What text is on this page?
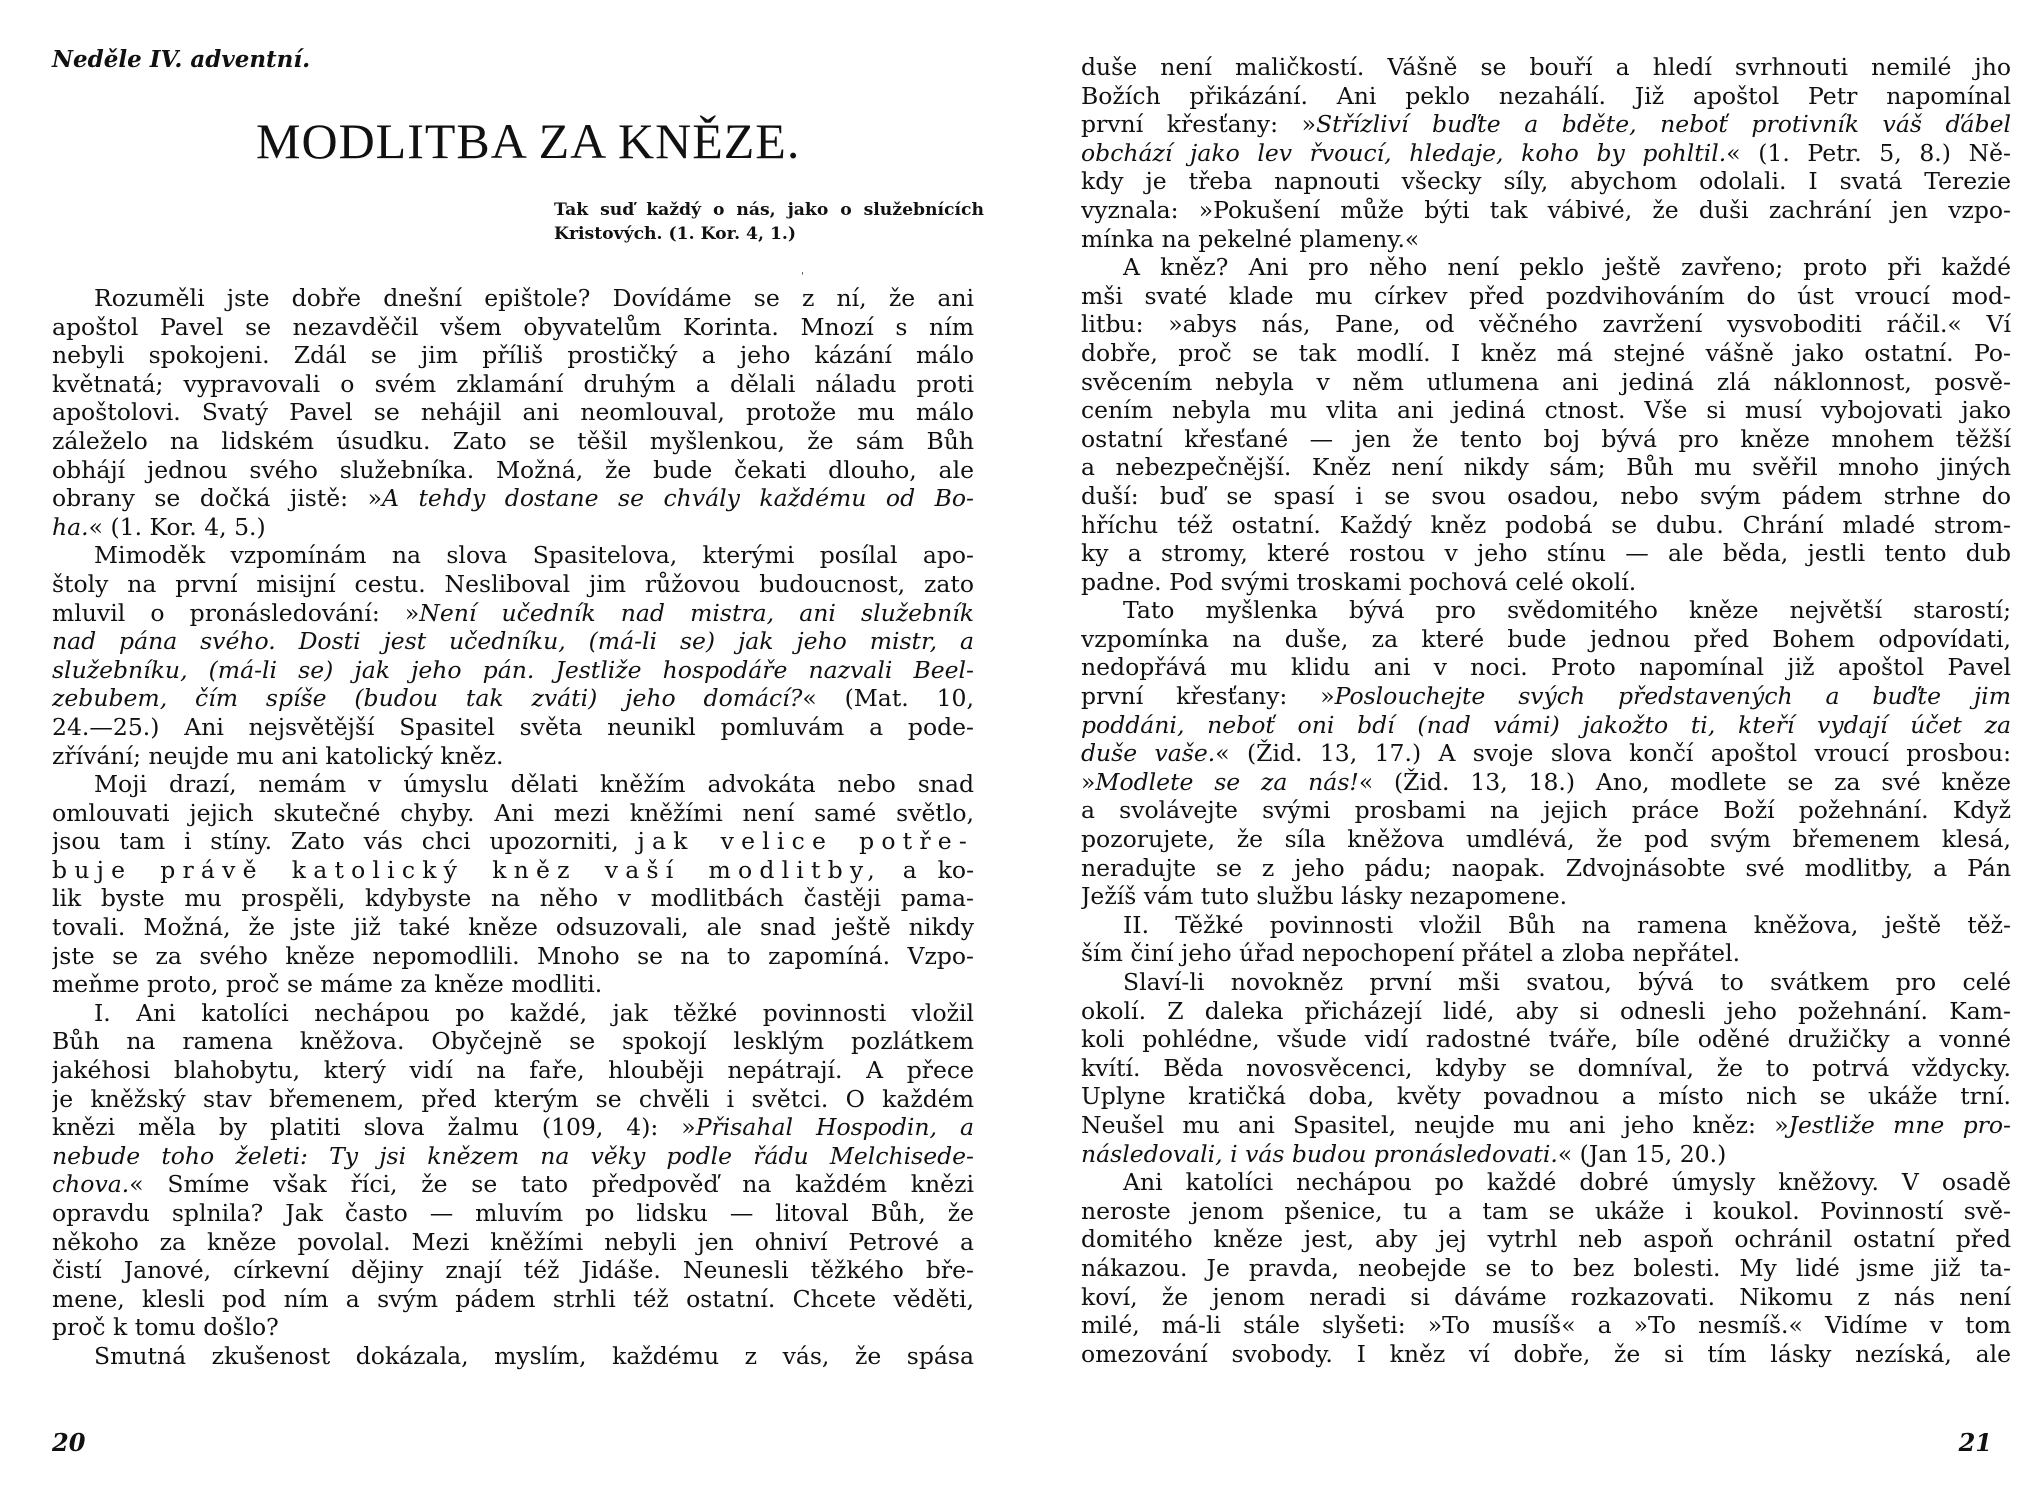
Neděle IV. adventní.
MODLITBA ZA KNĚZE.
Tak suď každý o nás, jako o služebnících Kristových. (1. Kor. 4, 1.)
ˌ
Rozuměli jste dobře dnešní epištole? Dovídáme se z ní, že ani
apoštol Pavel se nezavděčil všem obyvatelům Korinta. Mnozí s ním
nebyli spokojeni. Zdál se jim příliš prostičký a jeho kázání málo
květnatá; vypravovali o svém zklamání druhým a dělali náladu proti
apoštolovi. Svatý Pavel se nehájil ani neomlouval, protože mu málo
záleželo na lidském úsudku. Zato se těšil myšlenkou, že sám Bůh
obhájí jednou svého služebníka. Možná, že bude čekati dlouho, ale
obrany se dočká jistě: »A tehdy dostane se chvály každému od Bo-
ha.« (1. Kor. 4, 5.)
Mimoděk vzpomínám na slova Spasitelova, kterými posílal apo-
štoly na první misijní cestu. Nesliboval jim růžovou budoucnost, zato
mluvil o pronásledování: »Není učedník nad mistra, ani služebník
nad pána svého. Dosti jest učedníku, (má-li se) jak jeho mistr, a
služebníku, (má-li se) jak jeho pán. Jestliže hospodáře nazvali Beel-
zebubem, čím spíše (budou tak zváti) jeho domácí?« (Mat. 10,
24.—25.) Ani nejsvětější Spasitel světa neunikl pomluvám a pode-
zřívání; neujde mu ani katolický kněz.
Moji drazí, nemám v úmyslu dělati kněžím advokáta nebo snad
omlouvati jejich skutečné chyby. Ani mezi kněžími není samé světlo,
jsou tam i stíny. Zato vás chci upozorniti, jak velice potře-
buje právě katolický kněz vaší modlitby, a ko-
lik byste mu prospěli, kdybyste na něho v modlitbách častěji pama-
tovali. Možná, že jste již také kněze odsuzovali, ale snad ještě nikdy
jste se za svého kněze nepomodlili. Mnoho se na to zapomíná. Vzpo-
meňme proto, proč se máme za kněze modliti.
I. Ani katolíci nechápou po každé, jak těžké povinnosti vložil
Bůh na ramena kněžova. Obyčejně se spokojí lesklým pozlátkem
jakéhosi blahobytu, který vidí na faře, hlouběji nepátrají. A přece
je kněžský stav břemenem, před kterým se chvěli i světci. O každém
knězi měla by platiti slova žalmu (109, 4): »Přisahal Hospodin, a
nebude toho želeti: Ty jsi knězem na věky podle řádu Melchisede-
chova.« Smíme však říci, že se tato předpověď na každém knězi
opravdu splnila? Jak často — mluvím po lidsku — litoval Bůh, že
někoho za kněze povolal. Mezi kněžími nebyli jen ohniví Petrové a
čistí Janové, církevní dějiny znají též Jidáše. Neunesli těžkého bře-
mene, klesli pod ním a svým pádem strhli též ostatní. Chcete věděti,
proč k tomu došlo?
Smutná zkušenost dokázala, myslím, každému z vás, že spása
20
duše není maličkostí. Vášně se bouří a hledí svrhnouti nemilé jho
Božích přikázání. Ani peklo nezahálí. Již apoštol Petr napomínal
první křesťany: »Střízliví buďte a bděte, neboť protivník váš ďábel
obchází jako lev řvoucí, hledaje, koho by pohltil.« (1. Petr. 5, 8.) Ně-
kdy je třeba napnouti všecky síly, abychom odolali. I svatá Terezie
vyznala: »Pokušení může býti tak vábivé, že duši zachrání jen vzpo-
mínka na pekelné plameny.«
A kněz? Ani pro něho není peklo ještě zavřeno; proto při každé
mši svaté klade mu církev před pozdvihováním do úst vroucí mod-
litbu: »abys nás, Pane, od věčného zavržení vysvoboditi ráčil.« Ví
dobře, proč se tak modlí. I kněz má stejné vášně jako ostatní. Po-
svěcením nebyla v něm utlumena ani jediná zlá náklonnost, posvě-
cením nebyla mu vlita ani jediná ctnost. Vše si musí vybojovati jako
ostatní křesťané — jen že tento boj bývá pro kněze mnohem těžší
a nebezpečnější. Kněz není nikdy sám; Bůh mu svěřil mnoho jiných
duší: buď se spasí i se svou osadou, nebo svým pádem strhne do
hříchu též ostatní. Každý kněz podobá se dubu. Chrání mladé strom-
ky a stromy, které rostou v jeho stínu — ale běda, jestli tento dub
padne. Pod svými troskami pochová celé okolí.
Tato myšlenka bývá pro svědomitého kněze největší starostí;
vzpomínka na duše, za které bude jednou před Bohem odpovídati,
nedopřává mu klidu ani v noci. Proto napomínal již apoštol Pavel
první křesťany: »Poslouchejte svých představených a buďte jim
poddáni, neboť oni bdí (nad vámi) jakožto ti, kteří vydají účet za
duše vaše.« (Žid. 13, 17.) A svoje slova končí apoštol vroucí prosbou:
»Modlete se za nás!« (Žid. 13, 18.) Ano, modlete se za své kněze
a svolávejte svými prosbami na jejich práce Boží požehnání. Když
pozorujete, že síla kněžova umdlévá, že pod svým břemenem klesá,
neradujte se z jeho pádu; naopak. Zdvojnásobte své modlitby, a Pán
Ježíš vám tuto službu lásky nezapomene.
II. Těžké povinnosti vložil Bůh na ramena kněžova, ještě těž-
ším činí jeho úřad nepochopení přátel a zloba nepřátel.
Slaví-li novokněz první mši svatou, bývá to svátkem pro celé
okolí. Z daleka přicházejí lidé, aby si odnesli jeho požehnání. Kam-
koli pohlédne, všude vidí radostné tváře, bíle oděné družičky a vonné
kvítí. Běda novosvěcenci, kdyby se domníval, že to potrvá vždycky.
Uplyne kratičká doba, květy povadnou a místo nich se ukáže trní.
Neušel mu ani Spasitel, neujde mu ani jeho kněz: »Jestliže mne pro-
následovali, i vás budou pronásledovati.« (Jan 15, 20.)
Ani katolíci nechápou po každé dobré úmysly kněžovy. V osadě
neroste jenom pšenice, tu a tam se ukáže i koukol. Povinností svě-
domitého kněze jest, aby jej vytrhl neb aspoň ochránil ostatní před
nákazou. Je pravda, neobejde se to bez bolesti. My lidé jsme již ta-
koví, že jenom neradi si dáváme rozkazovati. Nikomu z nás není
milé, má-li stále slyšeti: »To musíš« a »To nesmíš.« Vidíme v tom
omezování svobody. I kněz ví dobře, že si tím lásky nezíská, ale
21
